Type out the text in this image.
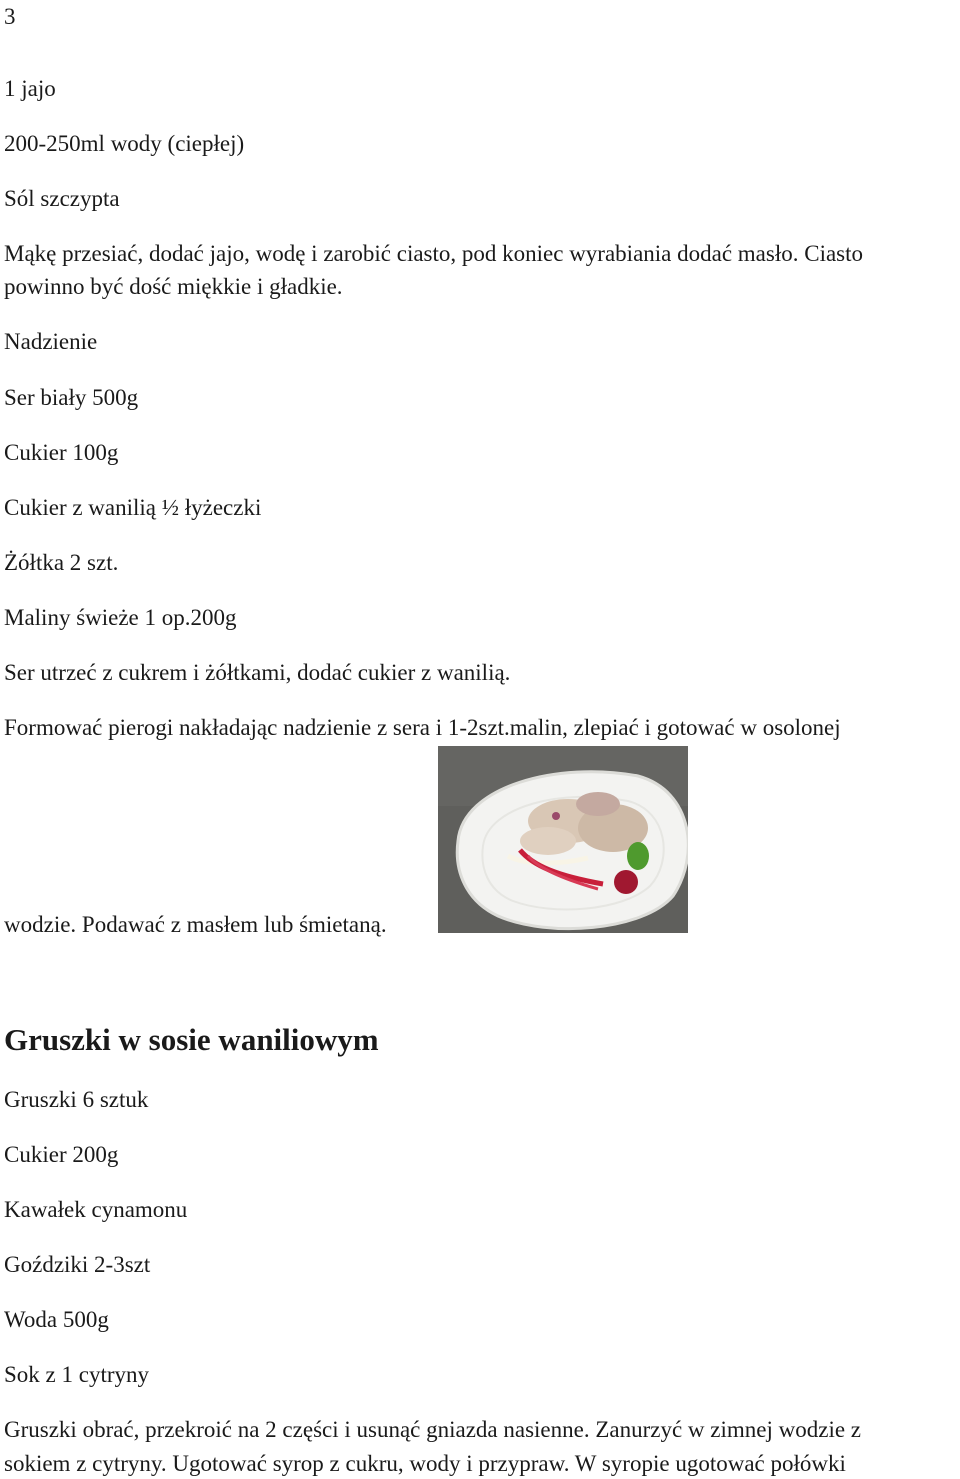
3

1 jajo

200-250ml wody (ciepłej)

Sól szczypta

Mąkę przesiać, dodać jajo, wodę i zarobić ciasto, pod koniec wyrabiania dodać masło. Ciasto

powinno być dość miękkie i gładkie.

Nadzienie

Ser biały 500g

Cukier 100g

Cukier z wanilią ½ łyżeczki

Żółtka 2 szt.

Maliny świeże 1 op.200g

Ser utrzeć z cukrem i żółtkami, dodać cukier z wanilią.

Formować pierogi nakładając nadzienie z sera i 1-2szt.malin, zlepiać i gotować w osolonej

wodzie. Podawać z masłem lub śmietaną.

Gruszki w sosie waniliowym

Gruszki 6 sztuk

Cukier 200g

Kawałek cynamonu

Goździki 2-3szt

Woda 500g

Sok z 1 cytryny

Gruszki obrać, przekroić na 2 części i usunąć gniazda nasienne. Zanurzyć w zimnej wodzie z

sokiem z cytryny. Ugotować syrop z cukru, wody i przypraw. W syropie ugotować połówki
